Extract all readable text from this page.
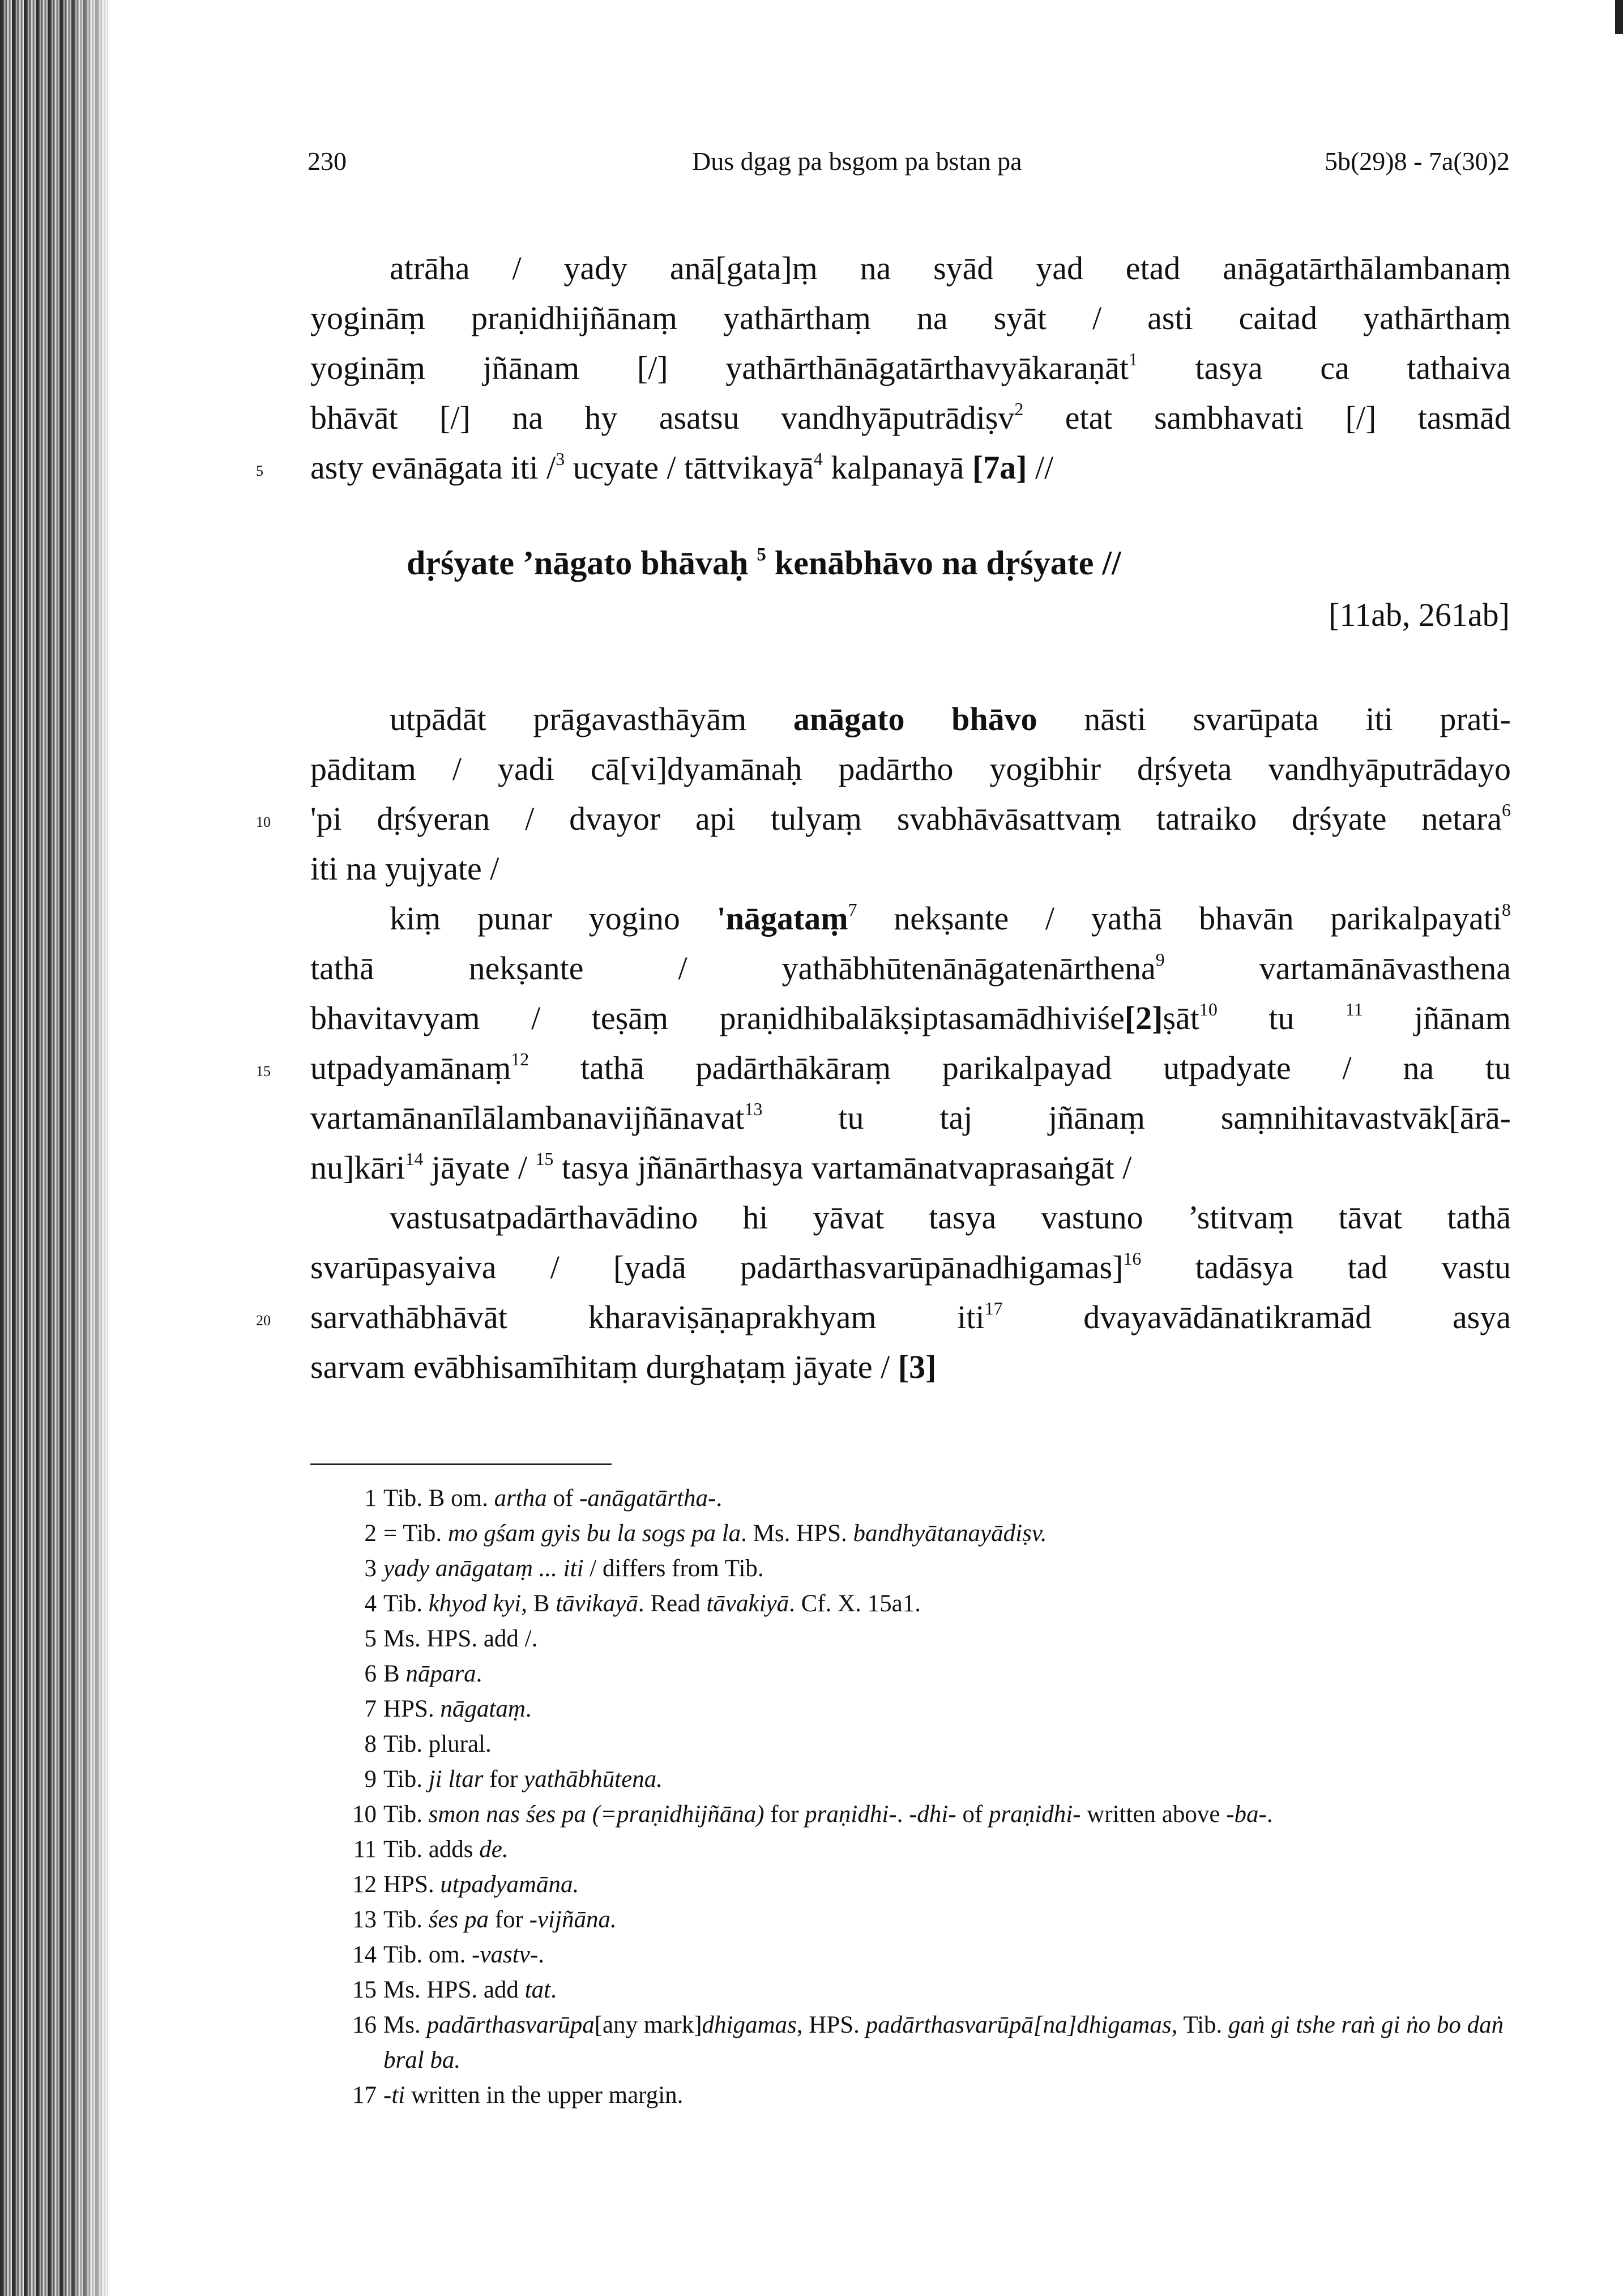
230	Dus dgag pa bsgom pa bstan pa	5b(29)8 - 7a(30)2
atrāha / yady anā[gata]ṃ na syād yad etad anāgatārthālambanaṃ
yogināṃ praṇidhijñānaṃ yathārthaṃ na syāt / asti caitad yathārthaṃ
yogināṃ jñānam [/] yathārthānāgatārthavyākaraṇāt$^1$ tasya ca tathaiva
bhāvāt [/] na hy asatsu vandhyāputrādiṣv$^2$ etat sambhavati [/] tasmād
5 asty evānāgata iti /$^3$ ucyate / tāttvikayā$^4$ kalpanayā [7a] //
dṛśyate ’nāgato bhāvaḥ $^5$ kenābhāvo na dṛśyate //
[11ab, 261ab]
utpādāt prāgavasthāyām anāgato bhāvo nāsti svarūpata iti prati-
pāditam / yadi cā[vi]dyamānaḥ padārtho yogibhir dṛśyeta vandhyāputrādayo
10 'pi dṛśyeran / dvayor api tulyaṃ svabhāvāsattvaṃ tatraiko dṛśyate netara$^6$
iti na yujyate /
kiṃ punar yogino 'nāgataṃ$^7$ nekṣante / yathā bhavān parikalpayati$^8$
tathā nekṣante / yathābhūtenānāgatenārthena$^9$ vartamānāvasthena
bhavitavyam / teṣāṃ praṇidhibalākṣiptasamādhiviśe[2]ṣāt$^{10}$ tu $^{11}$ jñānam
15 utpadyamānaṃ$^{12}$ tathā padārthākāraṃ parikalpayad utpadyate / na tu
vartamānanīlālambanavijñānavat$^{13}$ tu taj jñānaṃ saṃnihitavastvāk[ārā-
nu]kāri$^{14}$ jāyate / $^{15}$ tasya jñānārthasya vartamānatvaprasaṅgāt /
vastusatpadārthavādino hi yāvat tasya vastuno ’stitvaṃ tāvat tathā
svarūpasyaiva / [yadā padārthasvarūpānadhigamas]$^{16}$ tadāsya tad vastu
20 sarvathābhāvāt kharaviṣāṇaprakhyam iti$^{17}$ dvayavādānatikramād asya
sarvam evābhisamīhitaṃ durghaṭaṃ jāyate / [3]
1 Tib. B om. artha of -anāgatārtha-.
2 = Tib. mo gśam gyis bu la sogs pa la. Ms. HPS. bandhyātanayādiṣv.
3 yady anāgataṃ ... iti / differs from Tib.
4 Tib. khyod kyi, B tāvikayā. Read tāvakiyā. Cf. X. 15a1.
5 Ms. HPS. add /.
6 B nāpara.
7 HPS. nāgataṃ.
8 Tib. plural.
9 Tib. ji ltar for yathābhūtena.
10 Tib. smon nas śes pa (=praṇidhijñāna) for praṇidhi-. -dhi- of praṇidhi- written above -ba-.
11 Tib. adds de.
12 HPS. utpadyamāna.
13 Tib. śes pa for -vijñāna.
14 Tib. om. -vastv-.
15 Ms. HPS. add tat.
16 Ms. padārthasvarūpa[any mark]dhigamas, HPS. padārthasvarūpā[na]dhigamas, Tib. gaṅ gi tshe raṅ gi ṅo bo daṅ bral ba.
17 -ti written in the upper margin.
